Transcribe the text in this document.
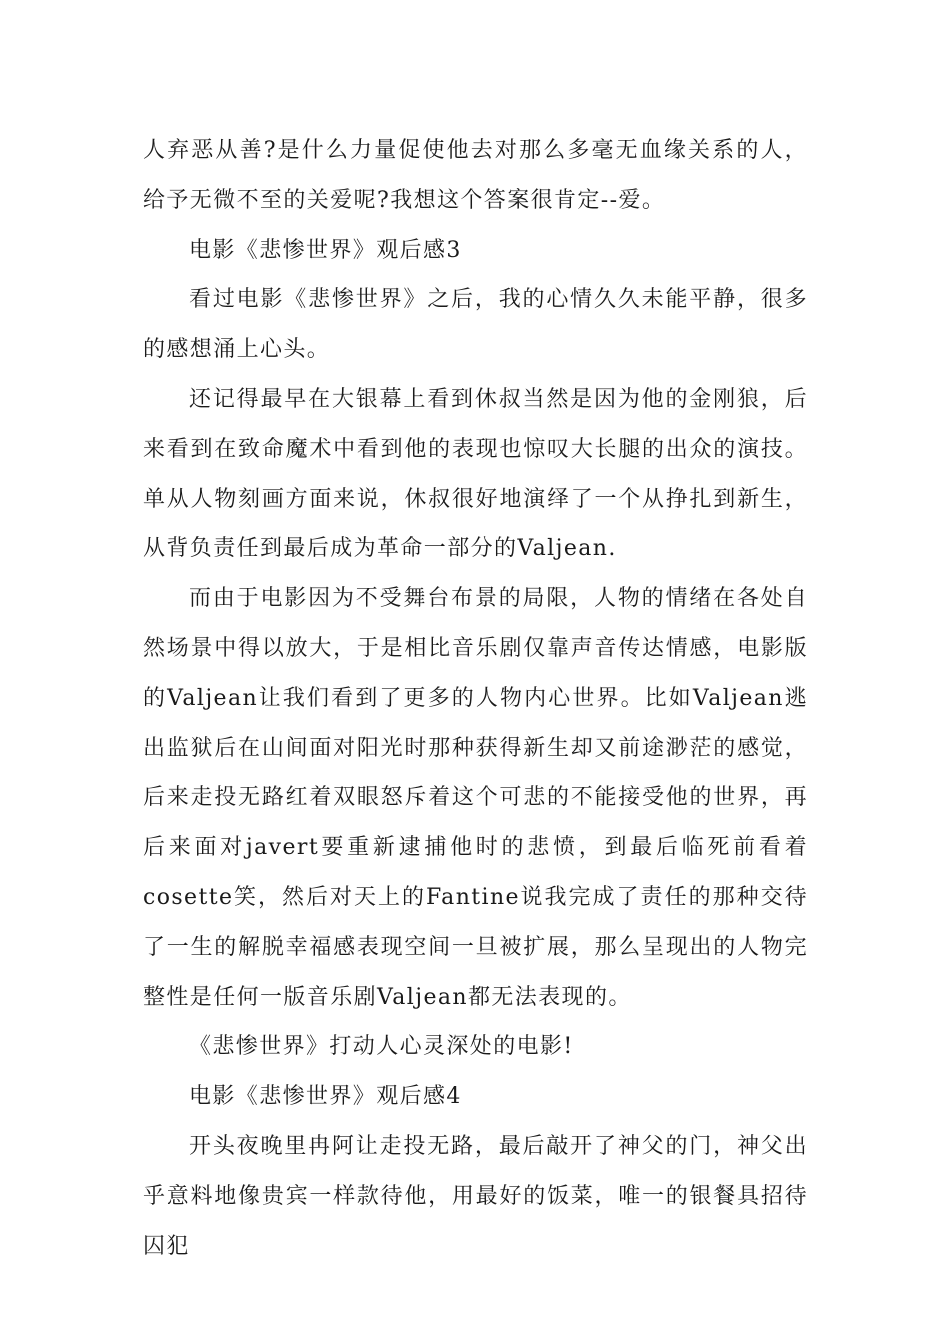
人弃恶从善?是什么力量促使他去对那么多毫无血缘关系的人，给予无微不至的关爱呢?我想这个答案很肯定--爱。

电影《悲惨世界》观后感3

看过电影《悲惨世界》之后，我的心情久久未能平静，很多的感想涌上心头。

还记得最早在大银幕上看到休叔当然是因为他的金刚狼，后来看到在致命魔术中看到他的表现也惊叹大长腿的出众的演技。单从人物刻画方面来说，休叔很好地演绎了一个从挣扎到新生，从背负责任到最后成为革命一部分的Valjean.

而由于电影因为不受舞台布景的局限，人物的情绪在各处自然场景中得以放大，于是相比音乐剧仅靠声音传达情感，电影版的Valjean让我们看到了更多的人物内心世界。比如Valjean逃出监狱后在山间面对阳光时那种获得新生却又前途渺茫的感觉，后来走投无路红着双眼怒斥着这个可悲的不能接受他的世界，再后来面对javert要重新逮捕他时的悲愤，到最后临死前看着cosette笑，然后对天上的Fantine说我完成了责任的那种交待了一生的解脱幸福感表现空间一旦被扩展，那么呈现出的人物完整性是任何一版音乐剧Valjean都无法表现的。

《悲惨世界》打动人心灵深处的电影!

电影《悲惨世界》观后感4

开头夜晚里冉阿让走投无路，最后敲开了神父的门，神父出乎意料地像贵宾一样款待他，用最好的饭菜，唯一的银餐具招待囚犯
